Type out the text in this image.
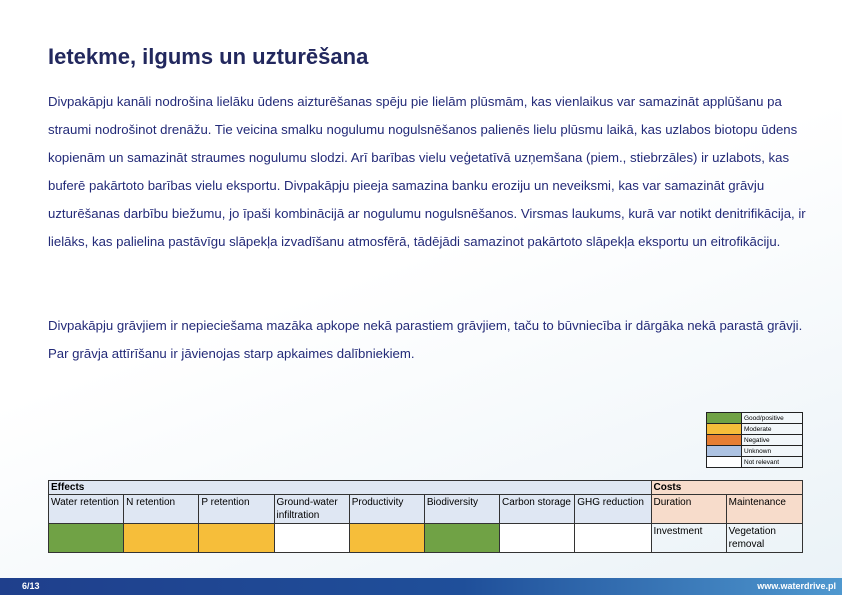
Ietekme, ilgums un uzturēšana

Divpakāpju kanāli nodrošina lielāku ūdens aizturēšanas spēju pie lielām plūsmām, kas vienlaikus var samazināt applūšanu pa straumi nodrošinot drenāžu. Tie veicina smalku nogulumu nogulsnēšanos palienēs lielu plūsmu laikā, kas uzlabos biotopu ūdens kopienām un samazināt straumes nogulumu slodzi. Arī barības vielu veģetatīvā uzņemšana (piem., stiebrzāles) ir uzlabots, kas buferē pakārtoto barības vielu eksportu. Divpakāpju pieeja samazina banku eroziju un neveiksmi, kas var samazināt grāvju uzturēšanas darbību biežumu, jo īpaši kombinācijā ar nogulumu nogulsnēšanos. Virsmas laukums, kurā var notikt denitrifikācija, ir lielāks, kas palielina pastāvīgu slāpekļa izvadīšanu atmosfērā, tādējādi samazinot pakārtoto slāpekļa eksportu un eitrofikāciju.

Divpakāpju grāvjiem ir nepieciešama mazāka apkope nekā parastiem grāvjiem, taču to būvniecība ir dārgāka nekā parastā grāvji. Par grāvja attīrīšanu ir jāvienojas starp apkaimes dalībniekiem.

	Good/positive
	Moderate
	Negative
	Unknown
	Not relevant
Effects								Costs	
Water retention	N retention	P retention	Ground-water infiltration	Productivity	Biodiversity	Carbon storage	GHG reduction	Duration	Maintenance
								Investment	Vegetation removal
6/13	www.waterdrive.pl
